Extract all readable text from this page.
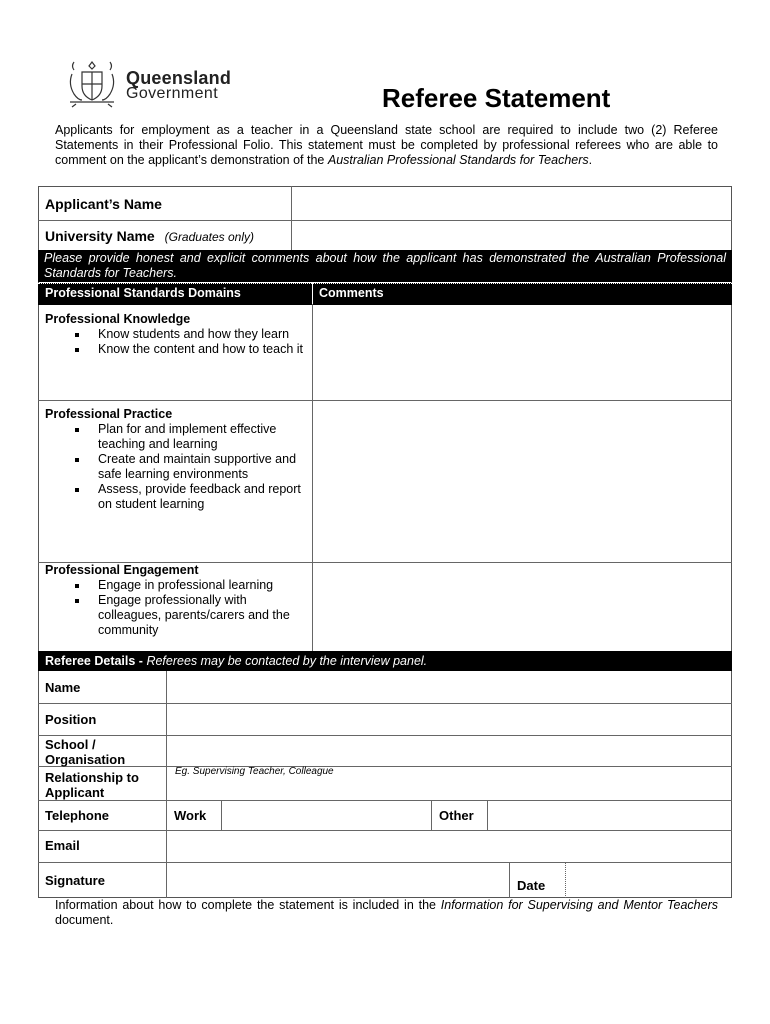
Queensland
Government	Referee Statement
Applicants for employment as a teacher in a Queensland state school are required to include two (2) Referee Statements in their Professional Folio. This statement must be completed by professional referees who are able to comment on the applicant’s demonstration of the Australian Professional Standards for Teachers.
Applicant’s Name
University Name (Graduates only)
Please provide honest and explicit comments about how the applicant has demonstrated the Australian Professional Standards for Teachers.
Professional Standards Domains	Comments
Professional Knowledge
Know students and how they learn
Know the content and how to teach it
Professional Practice
Plan for and implement effective teaching and learning
Create and maintain supportive and safe learning environments
Assess, provide feedback and report on student learning
Professional Engagement
Engage in professional learning
Engage professionally with colleagues, parents/carers and the community
Referee Details - Referees may be contacted by the interview panel.
Name
Position
School / Organisation
Relationship to Applicant
Eg. Supervising Teacher, Colleague
Telephone	Work	Other
Email
Signature	Date
Information about how to complete the statement is included in the Information for Supervising and Mentor Teachers document.
